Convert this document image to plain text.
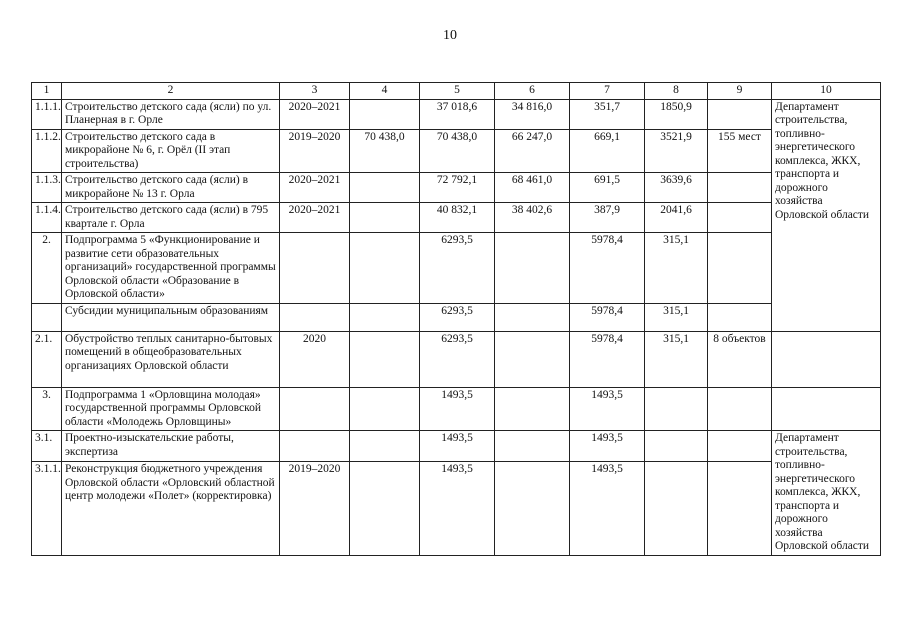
10
1	2	3	4	5	6	7	8	9	10
1.1.1.	Строительство детского сада (ясли) по ул. Планерная в г. Орле	2020–2021		37 018,6	34 816,0	351,7	1850,9		Департамент строительства, топливно-энергетического комплекса, ЖКХ, транспорта и дорожного хозяйства Орловской области
1.1.2.	Строительство детского сада в микрорайоне № 6, г. Орёл (II этап строительства)	2019–2020	70 438,0	70 438,0	66 247,0	669,1	3521,9	155 мест	
1.1.3.	Строительство детского сада (ясли) в микрорайоне № 13 г. Орла	2020–2021		72 792,1	68 461,0	691,5	3639,6		
1.1.4.	Строительство детского сада (ясли) в 795 квартале г. Орла	2020–2021		40 832,1	38 402,6	387,9	2041,6		
2.	Подпрограмма 5 «Функционирование и развитие сети образовательных организаций» государственной программы Орловской области «Образование в Орловской области»			6293,5		5978,4	315,1		
	Субсидии муниципальным образованиям			6293,5		5978,4	315,1		
2.1.	Обустройство теплых санитарно-бытовых помещений в общеобразовательных организациях Орловской области	2020		6293,5		5978,4	315,1	8 объектов	
3.	Подпрограмма 1 «Орловщина молодая» государственной программы Орловской области «Молодежь Орловщины»			1493,5		1493,5			
3.1.	Проектно-изыскательские работы, экспертиза			1493,5		1493,5			Департамент строительства, топливно-энергетического комплекса, ЖКХ, транспорта и дорожного хозяйства Орловской области
3.1.1.	Реконструкция бюджетного учреждения Орловской области «Орловский областной центр молодежи «Полет» (корректировка)	2019–2020		1493,5		1493,5			
